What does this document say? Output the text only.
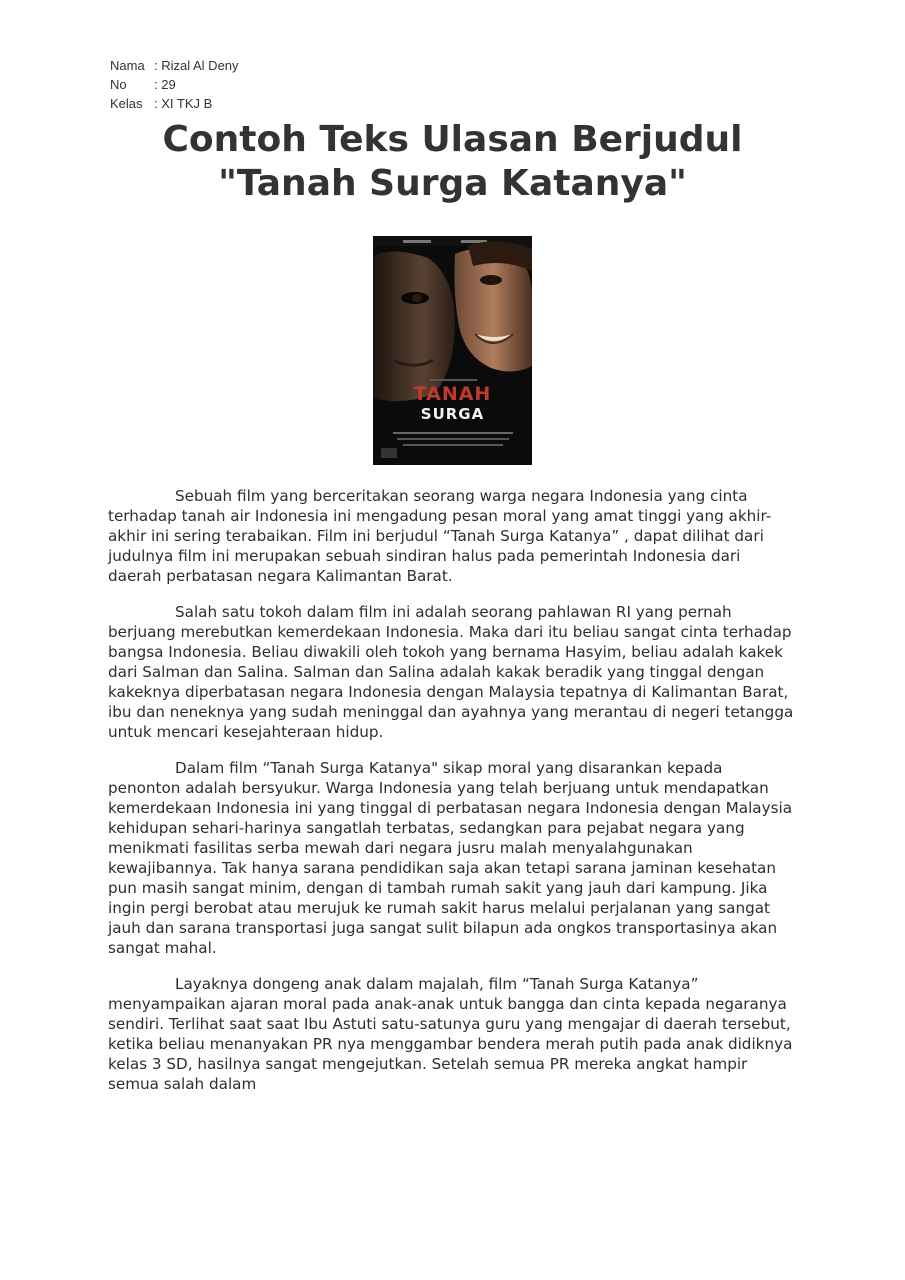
Nama : Rizal Al Deny
No	: 29
Kelas : XI TKJ B
Contoh Teks Ulasan Berjudul
"Tanah Surga Katanya"
TANAH
SURGA

Sebuah film yang berceritakan seorang warga negara Indonesia yang cinta terhadap tanah air Indonesia ini mengadung pesan moral yang amat tinggi yang akhir-akhir ini sering terabaikan. Film ini berjudul “Tanah Surga Katanya” , dapat dilihat dari judulnya film ini merupakan sebuah sindiran halus pada pemerintah Indonesia dari daerah perbatasan negara Kalimantan Barat.

Salah satu tokoh dalam film ini adalah seorang pahlawan RI yang pernah berjuang merebutkan kemerdekaan Indonesia. Maka dari itu beliau sangat cinta terhadap bangsa Indonesia. Beliau diwakili oleh tokoh yang bernama Hasyim, beliau adalah kakek dari Salman dan Salina. Salman dan Salina adalah kakak beradik yang tinggal dengan kakeknya diperbatasan negara Indonesia dengan Malaysia tepatnya di Kalimantan Barat, ibu dan neneknya yang sudah meninggal dan ayahnya yang merantau di negeri tetangga untuk mencari kesejahteraan hidup.

Dalam film “Tanah Surga Katanya" sikap moral yang disarankan kepada penonton adalah bersyukur. Warga Indonesia yang telah berjuang untuk mendapatkan kemerdekaan Indonesia ini yang tinggal di perbatasan negara Indonesia dengan Malaysia kehidupan sehari-harinya sangatlah terbatas, sedangkan para pejabat negara yang menikmati fasilitas serba mewah dari negara jusru malah menyalahgunakan kewajibannya. Tak hanya sarana pendidikan saja akan tetapi sarana jaminan kesehatan pun masih sangat minim, dengan di tambah rumah sakit yang jauh dari kampung. Jika ingin pergi berobat atau merujuk ke rumah sakit harus melalui perjalanan yang sangat jauh dan sarana transportasi juga sangat sulit bilapun ada ongkos transportasinya akan sangat mahal.

Layaknya dongeng anak dalam majalah, film “Tanah Surga Katanya” menyampaikan ajaran moral pada anak-anak untuk bangga dan cinta kepada negaranya sendiri. Terlihat saat saat Ibu Astuti satu-satunya guru yang mengajar di daerah tersebut, ketika beliau menanyakan PR nya menggambar bendera merah putih pada anak didiknya kelas 3 SD, hasilnya sangat mengejutkan. Setelah semua PR mereka angkat hampir semua salah dalam
